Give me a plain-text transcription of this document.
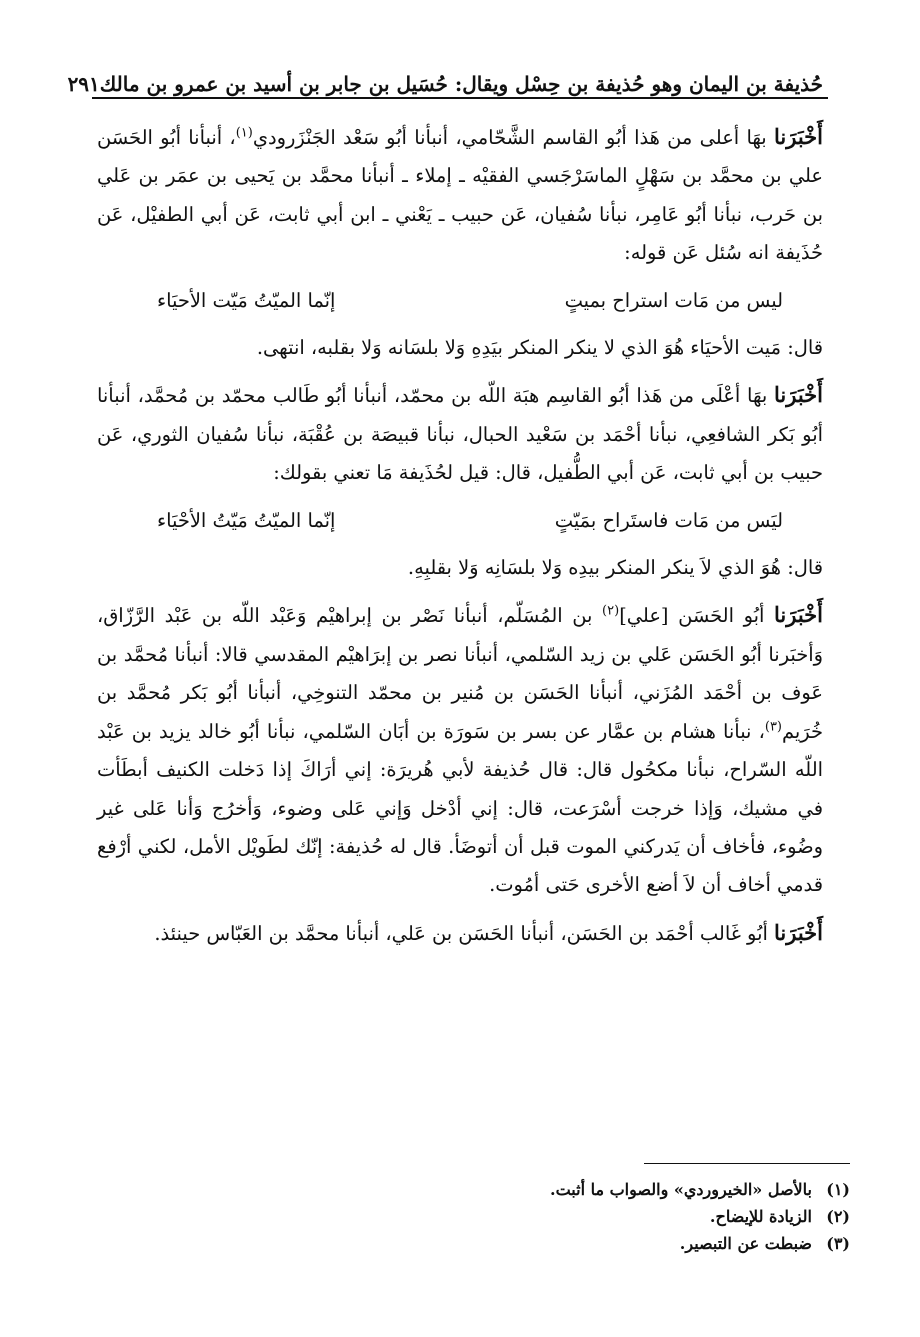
حُذيفة بن اليمان وهو حُذيفة بن حِسْل ويقال: حُسَيل بن جابر بن أسيد بن عمرو بن مالك
٢٩١

أَخْبَرَنا بهَا أعلى من هَذا أبُو القاسم الشَّحّامي، أنبأنا أبُو سَعْد الجَنْزَرودي$^{(١)}$، أنبأنا أبُو الحَسَن علي بن محمَّد بن سَهْلٍ الماسَرْجَسي الفقيْه ـ إملاء ـ أنبأنا محمَّد بن يَحيى بن عمَر بن عَلي بن حَرب، نبأنا أبُو عَامِر، نبأنا سُفيان، عَن حبيب ـ يَعْني ـ ابن أبي ثابت، عَن أبي الطفيْل، عَن حُذَيفة انه سُئل عَن قوله:

ليس من مَات استراح بميتٍ
إنّما الميّتُ مَيّت الأحيَاء

قال: مَيت الأحيَاء هُوَ الذي لا ينكر المنكر بيَدِهِ وَلا بلسَانه وَلا بقلبه، انتهى.

أَخْبَرَنا بهَا أعْلَى من هَذا أبُو القاسِم هبَة اللّه بن محمّد، أنبأنا أبُو طَالب محمّد بن مُحمَّد، أنبأنا أبُو بَكر الشافعِي، نبأنا أحْمَد بن سَعْيد الحبال، نبأنا قبيصَة بن عُقْبَة، نبأنا سُفيان الثوري، عَن حبيب بن أبي ثابت، عَن أبي الطُّفيل، قال: قيل لحُذَيفة مَا تعني بقولك:

ليَس من مَات فاستَراح بمَيّتٍ
إنّما الميّتُ مَيّتُ الأحْيَاء

قال: هُوَ الذي لاَ ينكر المنكر بيدِه وَلا بلسَانِه وَلا بقلبِهِ.

أَخْبَرَنا أبُو الحَسَن [علي]$^{(٢)}$ بن المُسَلّم، أنبأنا نَصْر بن إبراهيْم وَعَبْد اللّه بن عَبْد الرَّزّاق، وَأخبَرنا أبُو الحَسَن عَلي بن زيد السّلمي، أنبأنا نصر بن إبرَاهيْم المقدسي قالا: أنبأنا مُحمَّد بن عَوف بن أحْمَد المُزَني، أنبأنا الحَسَن بن مُنير بن محمّد التنوخِي، أنبأنا أبُو بَكر مُحمَّد بن خُرَيم$^{(٣)}$، نبأنا هشام بن عمَّار عن بسر بن سَورَة بن أبَان السّلمي، نبأنا أبُو خالد يزيد بن عَبْد اللّه السّراح، نبأنا مكحُول قال: قال حُذيفة لأبي هُريرَة: إني أرَاكَ إذا دَخلت الكنيف أبطَأت في مشيك، وَإذا خرجت أسْرَعت، قال: إني أدْخل وَإني عَلى وضوء، وَأخرُج وَأنا عَلى غير وضُوء، فأخاف أن يَدركني الموت قبل أن أتوضَأ. قال له حُذيفة: إنّك لطَويْل الأمل، لكني أرْفع قدمي أخاف أن لاَ أضع الأخرى حَتى أمُوت.

أَخْبَرَنا أبُو غَالب أحْمَد بن الحَسَن، أنبأنا الحَسَن بن عَلي، أنبأنا محمَّد بن العَبّاس حينئذ.

(١)
بالأصل «الخيروردي» والصواب ما أثبت.
(٢)
الزيادة للإيضاح.
(٣)
ضبطت عن التبصير.
